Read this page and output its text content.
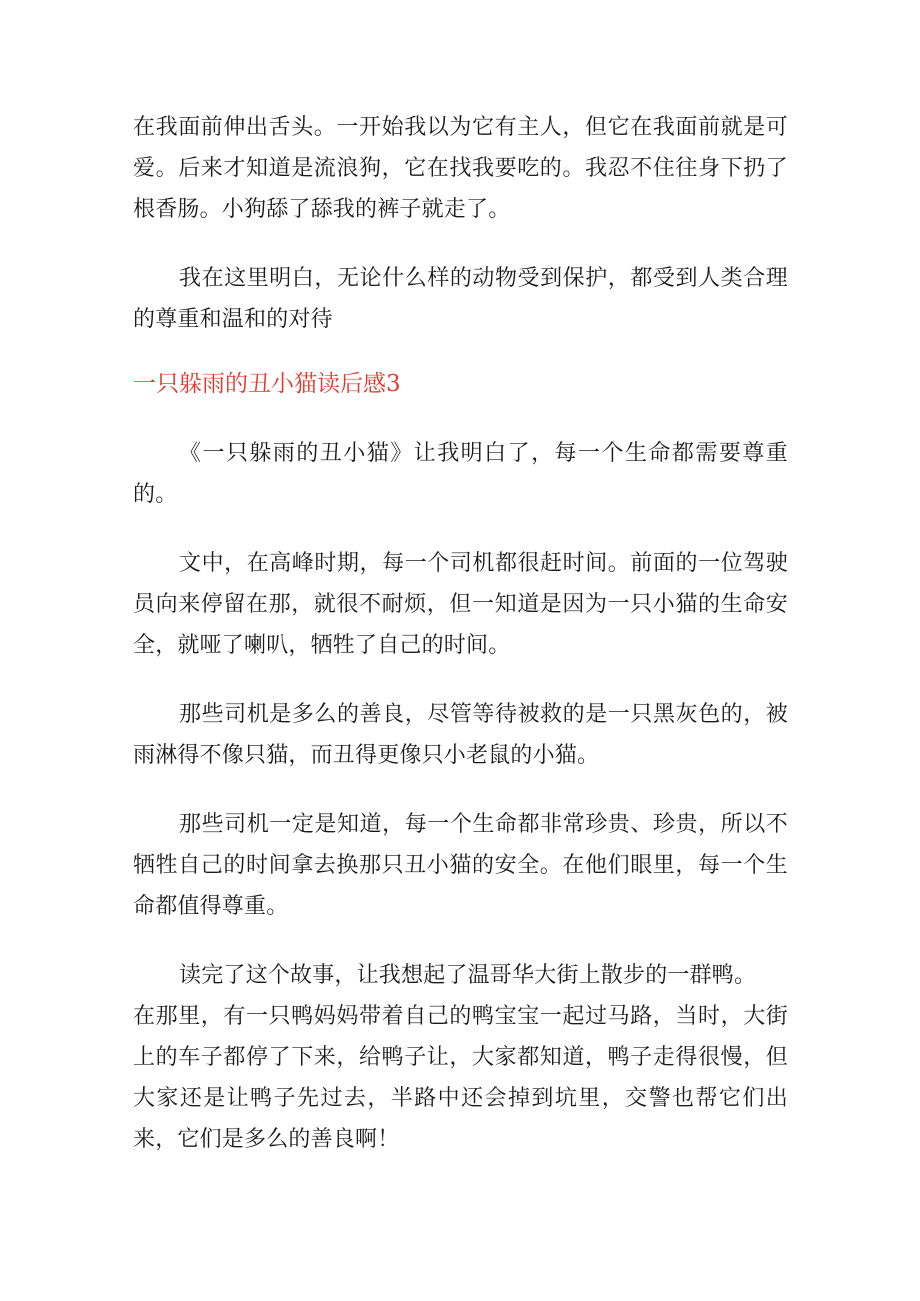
在我面前伸出舌头。一开始我以为它有主人，但它在我面前就是可爱。后来才知道是流浪狗，它在找我要吃的。我忍不住往身下扔了根香肠。小狗舔了舔我的裤子就走了。

我在这里明白，无论什么样的动物受到保护，都受到人类合理的尊重和温和的对待

一只躲雨的丑小猫读后感3

《一只躲雨的丑小猫》让我明白了，每一个生命都需要尊重的。

文中，在高峰时期，每一个司机都很赶时间。前面的一位驾驶员向来停留在那，就很不耐烦，但一知道是因为一只小猫的生命安全，就哑了喇叭，牺牲了自己的时间。

那些司机是多么的善良，尽管等待被救的是一只黑灰色的，被雨淋得不像只猫，而丑得更像只小老鼠的小猫。

那些司机一定是知道，每一个生命都非常珍贵、珍贵，所以不牺牲自己的时间拿去换那只丑小猫的安全。在他们眼里，每一个生命都值得尊重。

读完了这个故事，让我想起了温哥华大街上散步的一群鸭。

在那里，有一只鸭妈妈带着自己的鸭宝宝一起过马路，当时，大街上的车子都停了下来，给鸭子让，大家都知道，鸭子走得很慢，但大家还是让鸭子先过去，半路中还会掉到坑里，交警也帮它们出来，它们是多么的善良啊！
